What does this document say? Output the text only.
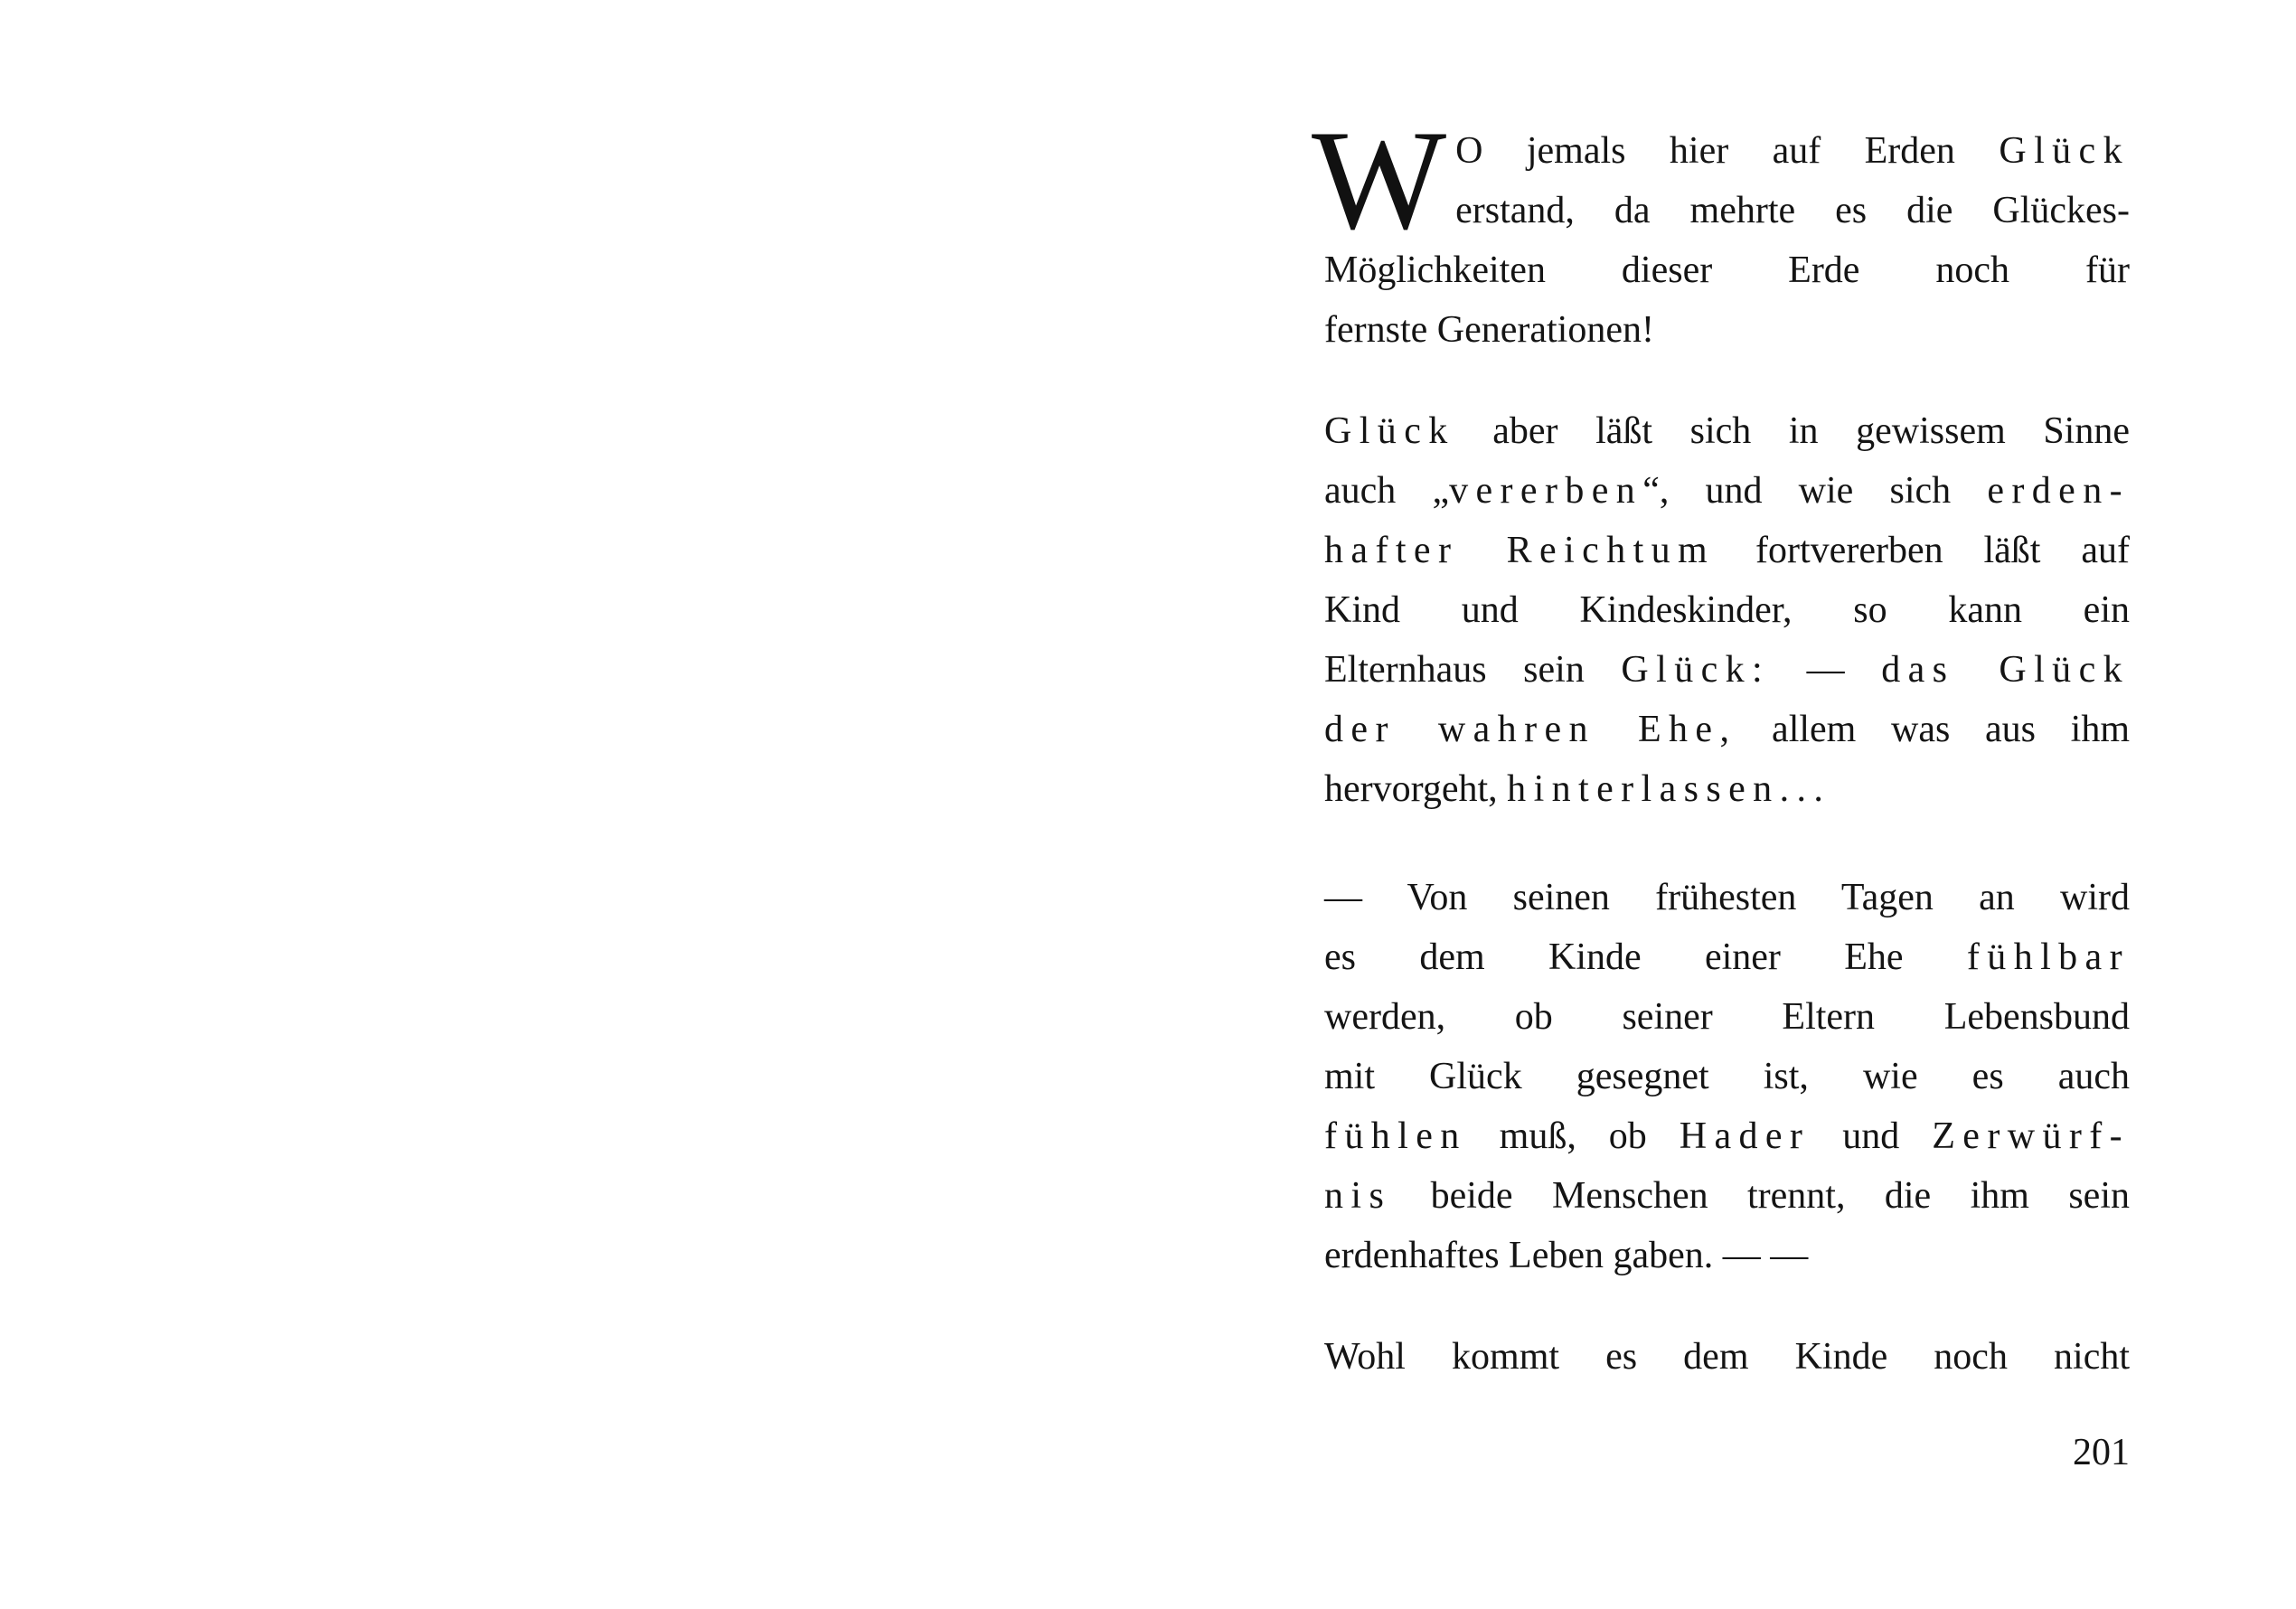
W O jemals hier auf Erden Glück
erstand, da mehrte es die Glückes-
Möglichkeiten dieser Erde noch für
fernste Generationen!
Glück aber läßt sich in gewissem Sinne
auch „vererben“, und wie sich erden-
hafter Reichtum fortvererben läßt auf
Kind und Kindeskinder, so kann ein
Elternhaus sein Glück: — das Glück
der wahren Ehe, allem was aus ihm
hervorgeht, hinterlassen...
— Von seinen frühesten Tagen an wird
es dem Kinde einer Ehe fühlbar
werden, ob seiner Eltern Lebensbund
mit Glück gesegnet ist, wie es auch
fühlen muß, ob Hader und Zerwürf-
nis beide Menschen trennt, die ihm sein
erdenhaftes Leben gaben. — —
Wohl kommt es dem Kinde noch nicht
201
